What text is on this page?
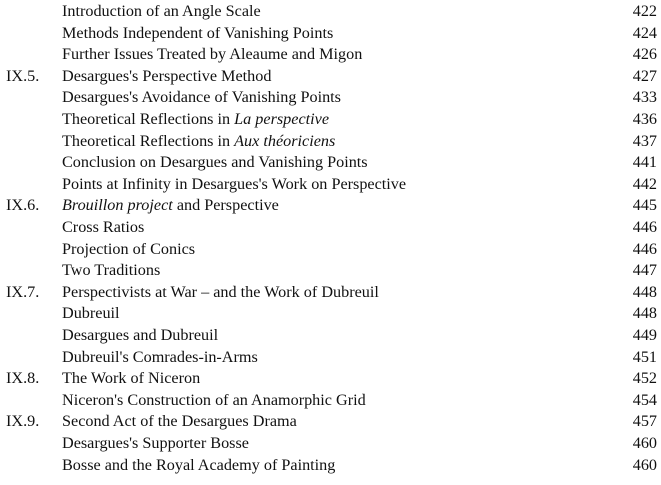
Introduction of an Angle Scale	422
Methods Independent of Vanishing Points	424
Further Issues Treated by Aleaume and Migon	426
IX.5. Desargues's Perspective Method	427
Desargues's Avoidance of Vanishing Points	433
Theoretical Reflections in La perspective	436
Theoretical Reflections in Aux théoriciens	437
Conclusion on Desargues and Vanishing Points	441
Points at Infinity in Desargues's Work on Perspective	442
IX.6. Brouillon project and Perspective	445
Cross Ratios	446
Projection of Conics	446
Two Traditions	447
IX.7. Perspectivists at War – and the Work of Dubreuil	448
Dubreuil	448
Desargues and Dubreuil	449
Dubreuil's Comrades-in-Arms	451
IX.8. The Work of Niceron	452
Niceron's Construction of an Anamorphic Grid	454
IX.9. Second Act of the Desargues Drama	457
Desargues's Supporter Bosse	460
Bosse and the Royal Academy of Painting	460
